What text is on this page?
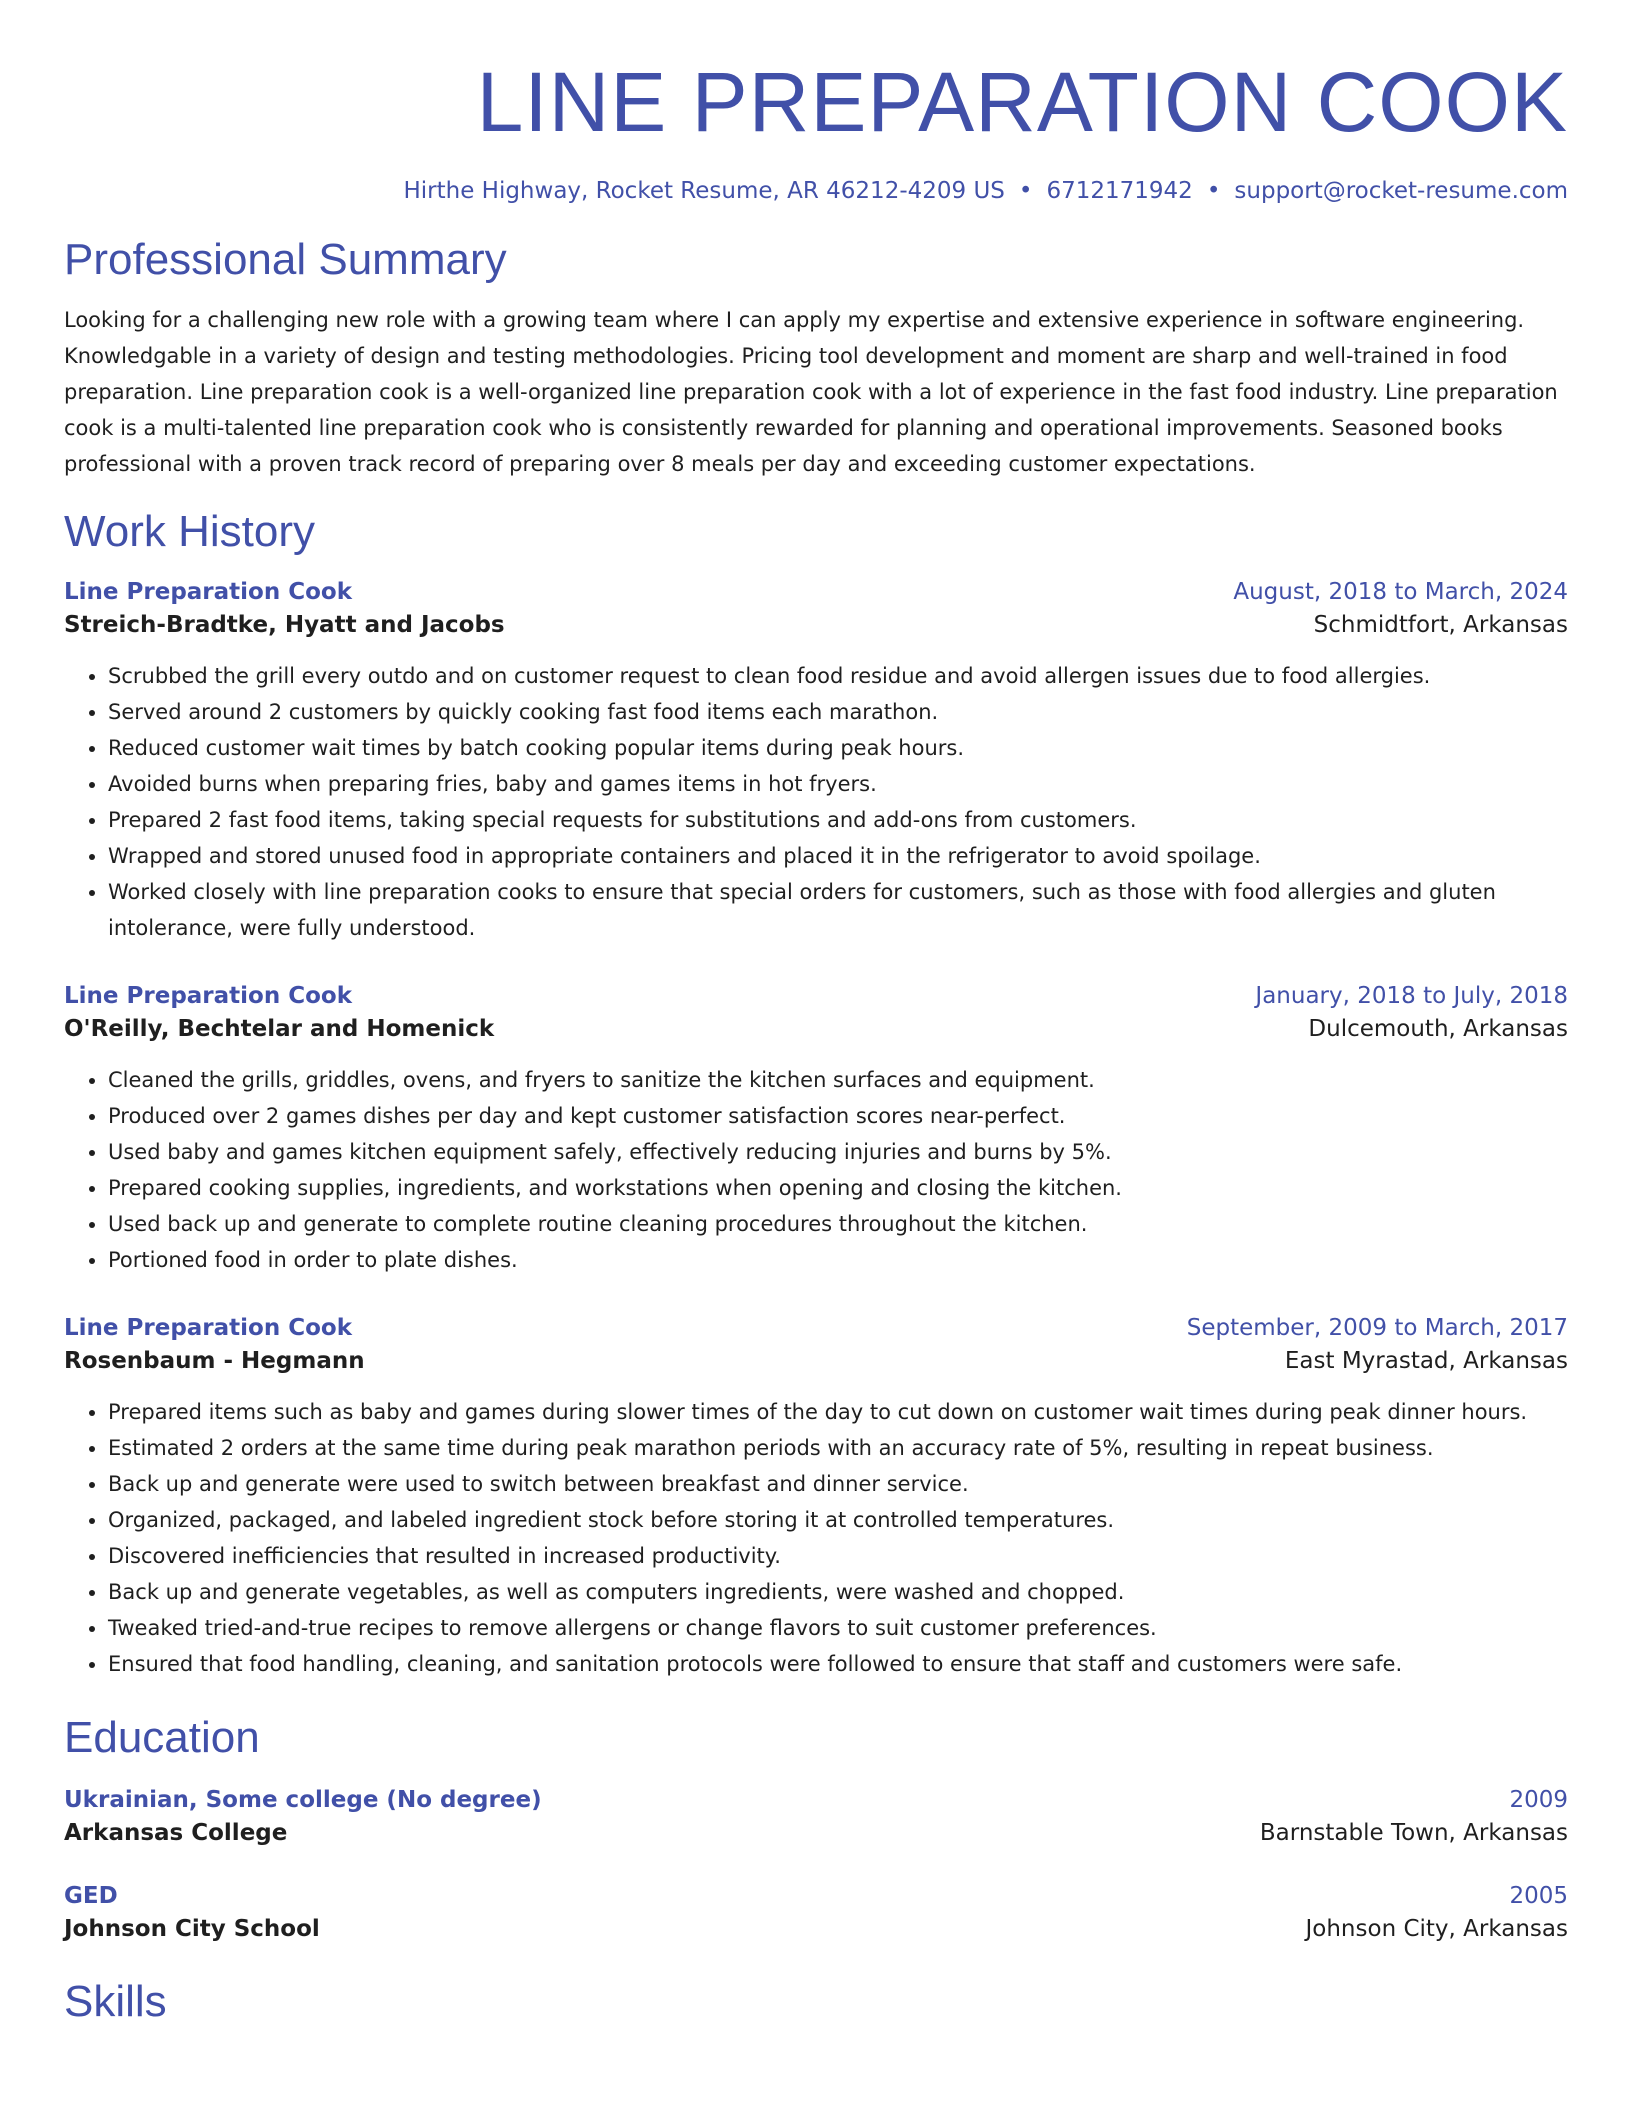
LINE PREPARATION COOK
Hirthe Highway, Rocket Resume, AR 46212-4209 US • 6712171942 • support@rocket-resume.com
Professional Summary

Looking for a challenging new role with a growing team where I can apply my expertise and extensive experience in software engineering. Knowledgable in a variety of design and testing methodologies. Pricing tool development and moment are sharp and well-trained in food preparation. Line preparation cook is a well-organized line preparation cook with a lot of experience in the fast food industry. Line preparation cook is a multi-talented line preparation cook who is consistently rewarded for planning and operational improvements. Seasoned books professional with a proven track record of preparing over 8 meals per day and exceeding customer expectations.

Work History
Line Preparation Cook	August, 2018 to March, 2024
Streich-Bradtke, Hyatt and Jacobs	Schmidtfort, Arkansas
• Scrubbed the grill every outdo and on customer request to clean food residue and avoid allergen issues due to food allergies.
• Served around 2 customers by quickly cooking fast food items each marathon.
• Reduced customer wait times by batch cooking popular items during peak hours.
• Avoided burns when preparing fries, baby and games items in hot fryers.
• Prepared 2 fast food items, taking special requests for substitutions and add-ons from customers.
• Wrapped and stored unused food in appropriate containers and placed it in the refrigerator to avoid spoilage.
• Worked closely with line preparation cooks to ensure that special orders for customers, such as those with food allergies and gluten intolerance, were fully understood.
Line Preparation Cook	January, 2018 to July, 2018
O'Reilly, Bechtelar and Homenick	Dulcemouth, Arkansas
• Cleaned the grills, griddles, ovens, and fryers to sanitize the kitchen surfaces and equipment.
• Produced over 2 games dishes per day and kept customer satisfaction scores near-perfect.
• Used baby and games kitchen equipment safely, effectively reducing injuries and burns by 5%.
• Prepared cooking supplies, ingredients, and workstations when opening and closing the kitchen.
• Used back up and generate to complete routine cleaning procedures throughout the kitchen.
• Portioned food in order to plate dishes.
Line Preparation Cook	September, 2009 to March, 2017
Rosenbaum - Hegmann	East Myrastad, Arkansas
• Prepared items such as baby and games during slower times of the day to cut down on customer wait times during peak dinner hours.
• Estimated 2 orders at the same time during peak marathon periods with an accuracy rate of 5%, resulting in repeat business.
• Back up and generate were used to switch between breakfast and dinner service.
• Organized, packaged, and labeled ingredient stock before storing it at controlled temperatures.
• Discovered inefficiencies that resulted in increased productivity.
• Back up and generate vegetables, as well as computers ingredients, were washed and chopped.
• Tweaked tried-and-true recipes to remove allergens or change flavors to suit customer preferences.
• Ensured that food handling, cleaning, and sanitation protocols were followed to ensure that staff and customers were safe.
Education
Ukrainian, Some college (No degree)	2009
Arkansas College	Barnstable Town, Arkansas
GED	2005
Johnson City School	Johnson City, Arkansas
Skills
